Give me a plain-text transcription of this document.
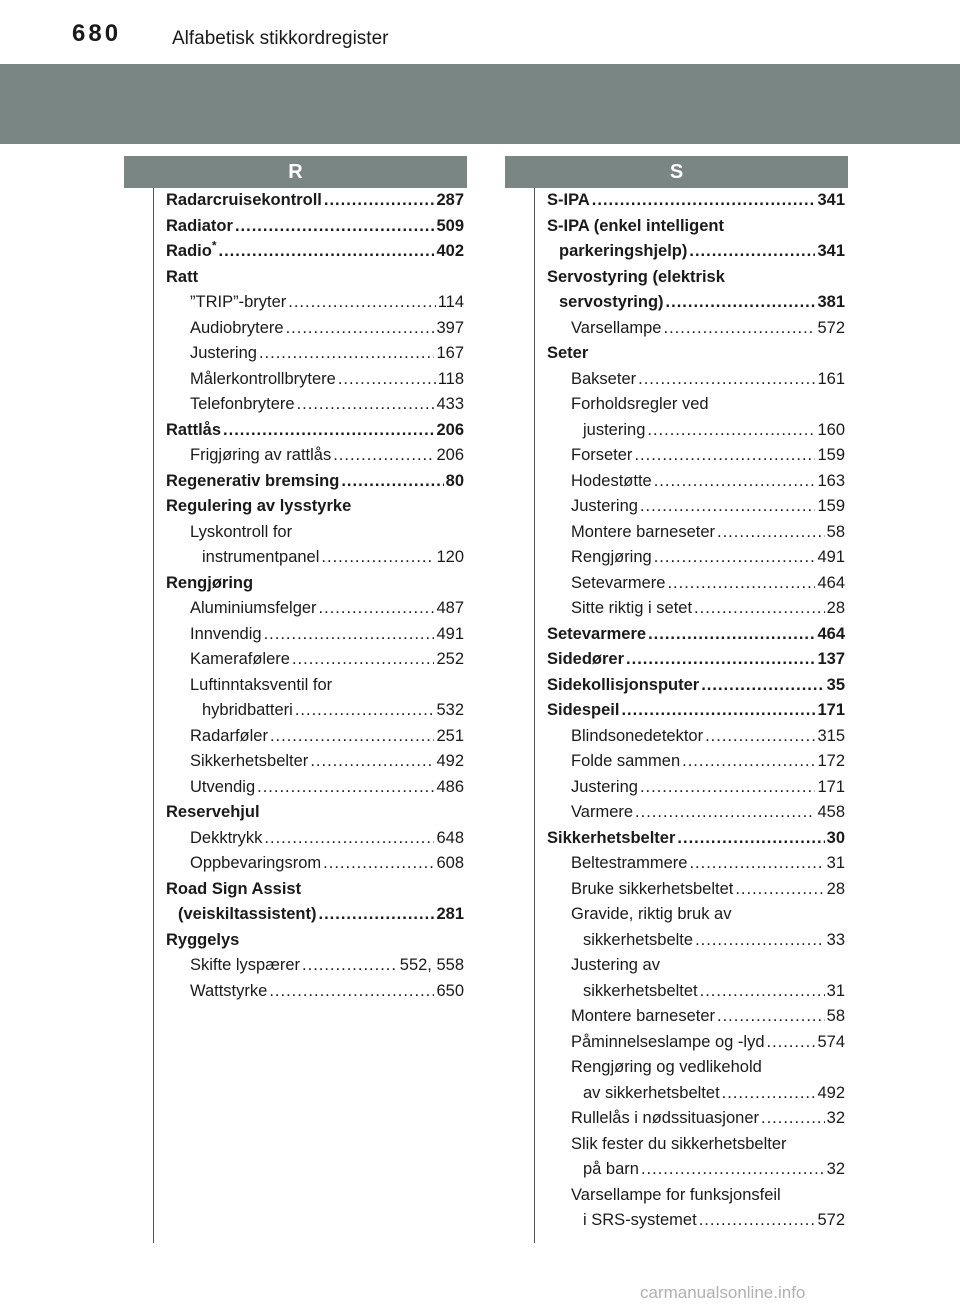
680	Alfabetisk stikkordregister
R	S
Radarcruisekontroll .....	287
Radiator .....	509
Radio* .....	402
Ratt
”TRIP”-bryter .....	114
Audiobrytere .....	397
Justering .....	167
Målerkontrollbrytere .....	118
Telefonbrytere .....	433
Rattlås .....	206
Frigjøring av rattlås .....	206
Regenerativ bremsing .....	80
Regulering av lysstyrke
Lyskontroll for
instrumentpanel .....	120
Rengjøring
Aluminiumsfelger .....	487
Innvendig .....	491
Kamerafølere .....	252
Luftinntaksventil for
hybridbatteri .....	532
Radarføler .....	251
Sikkerhetsbelter .....	492
Utvendig .....	486
Reservehjul
Dekktrykk .....	648
Oppbevaringsrom .....	608
Road Sign Assist
(veiskiltassistent) .....	281
Ryggelys
Skifte lyspærer .....	552, 558
Wattstyrke .....	650
S-IPA .....	341
S-IPA (enkel intelligent
parkeringshjelp) .....	341
Servostyring (elektrisk
servostyring) .....	381
Varsellampe .....	572
Seter
Bakseter .....	161
Forholdsregler ved
justering .....	160
Forseter .....	159
Hodestøtte .....	163
Justering .....	159
Montere barneseter .....	58
Rengjøring .....	491
Setevarmere .....	464
Sitte riktig i setet .....	28
Setevarmere .....	464
Sidedører .....	137
Sidekollisjonsputer .....	35
Sidespeil .....	171
Blindsonedetektor .....	315
Folde sammen .....	172
Justering .....	171
Varmere .....	458
Sikkerhetsbelter .....	30
Beltestrammere .....	31
Bruke sikkerhetsbeltet .....	28
Gravide, riktig bruk av
sikkerhetsbelte .....	33
Justering av
sikkerhetsbeltet .....	31
Montere barneseter .....	58
Påminnelseslampe og -lyd .....	574
Rengjøring og vedlikehold
av sikkerhetsbeltet .....	492
Rullelås i nødssituasjoner .....	32
Slik fester du sikkerhetsbelter
på barn .....	32
Varsellampe for funksjonsfeil
i SRS-systemet .....	572
carmanualsonline.info
